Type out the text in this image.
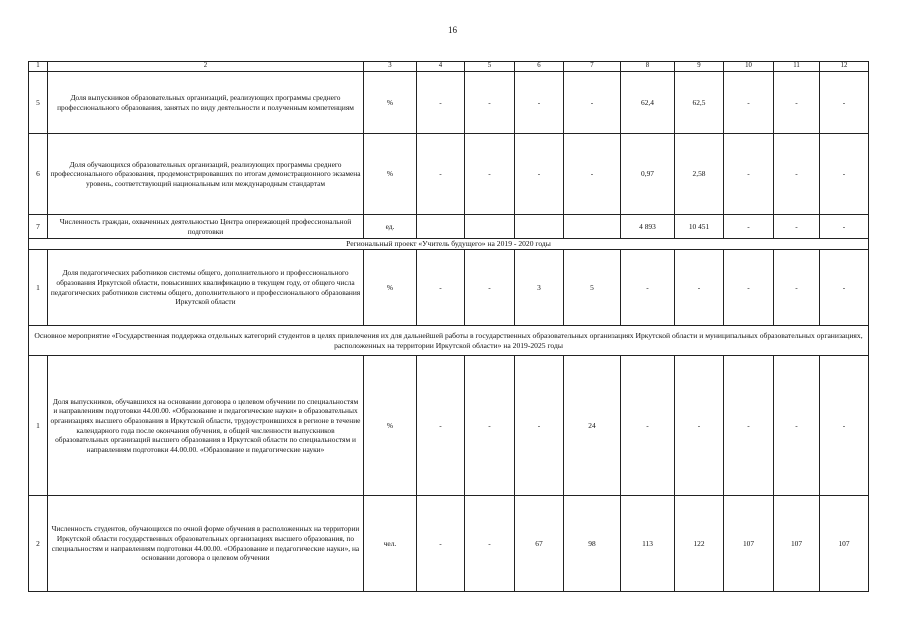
16
1	2	3	4	5	6	7	8	9	10	11	12
5	Доля выпускников образовательных организаций, реализующих программы среднего профессионального образования, занятых по виду деятельности и полученным компетенциям	%	-	-	-	-	62,4	62,5	-	-	-
6	Доля обучающихся образовательных организаций, реализующих программы среднего профессионального образования, продемонстрировавших по итогам демонстрационного экзамена уровень, соответствующий национальным или международным стандартам	%	-	-	-	-	0,97	2,58	-	-	-
7	Численность граждан, охваченных деятельностью Центра опережающей профессиональной подготовки	ед.					4 893	10 451	-	-	-
Региональный проект «Учитель будущего» на 2019 - 2020 годы											
1	Доля педагогических работников системы общего, дополнительного и профессионального образования Иркутской области, повысивших квалификацию в текущем году, от общего числа педагогических работников системы общего, дополнительного и профессионального образования Иркутской области	%	-	-	3	5	-	-	-	-	-
Основное мероприятие «Государственная поддержка отдельных категорий студентов в целях привлечения их для дальнейшей работы в государственных образовательных организациях Иркутской области и муниципальных образовательных организациях, расположенных на территории Иркутской области» на 2019-2025 годы											
1	Доля выпускников, обучавшихся на основании договора о целевом обучении по специальностям и направлениям подготовки 44.00.00. «Образование и педагогические науки» в образовательных организациях высшего образования в Иркутской области, трудоустроившихся в регионе в течение календарного года после окончания обучения, в общей численности выпускников образовательных организаций высшего образования в Иркутской области по специальностям и направлениям подготовки 44.00.00. «Образование и педагогические науки»	%	-	-	-	24	-	-	-	-	-
2	Численность студентов, обучающихся по очной форме обучения в расположенных на территории Иркутской области государственных образовательных организациях высшего образования, по специальностям и направлениям подготовки 44.00.00. «Образование и педагогические науки», на основании договора о целевом обучении	чел.	-	-	67	98	113	122	107	107	107
